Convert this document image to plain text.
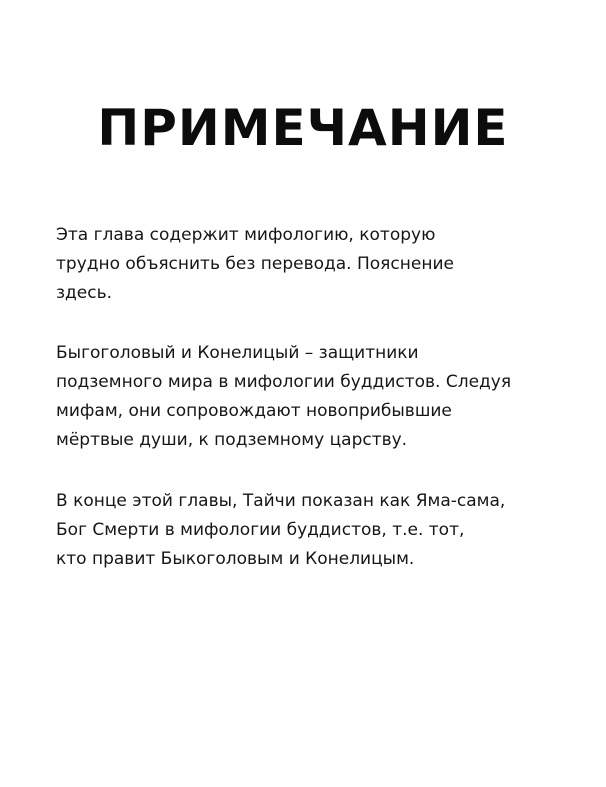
ПРИМЕЧАНИЕ
Эта глава содержит мифологию, которую
трудно объяснить без перевода. Пояснение
здесь.
Быгоголовый и Конелицый – защитники
подземного мира в мифологии буддистов. Следуя
мифам, они сопровождают новоприбывшие
мёртвые души, к подземному царству.
В конце этой главы, Тайчи показан как Яма-сама,
Бог Смерти в мифологии буддистов, т.е. тот,
кто правит Быкоголовым и Конелицым.
